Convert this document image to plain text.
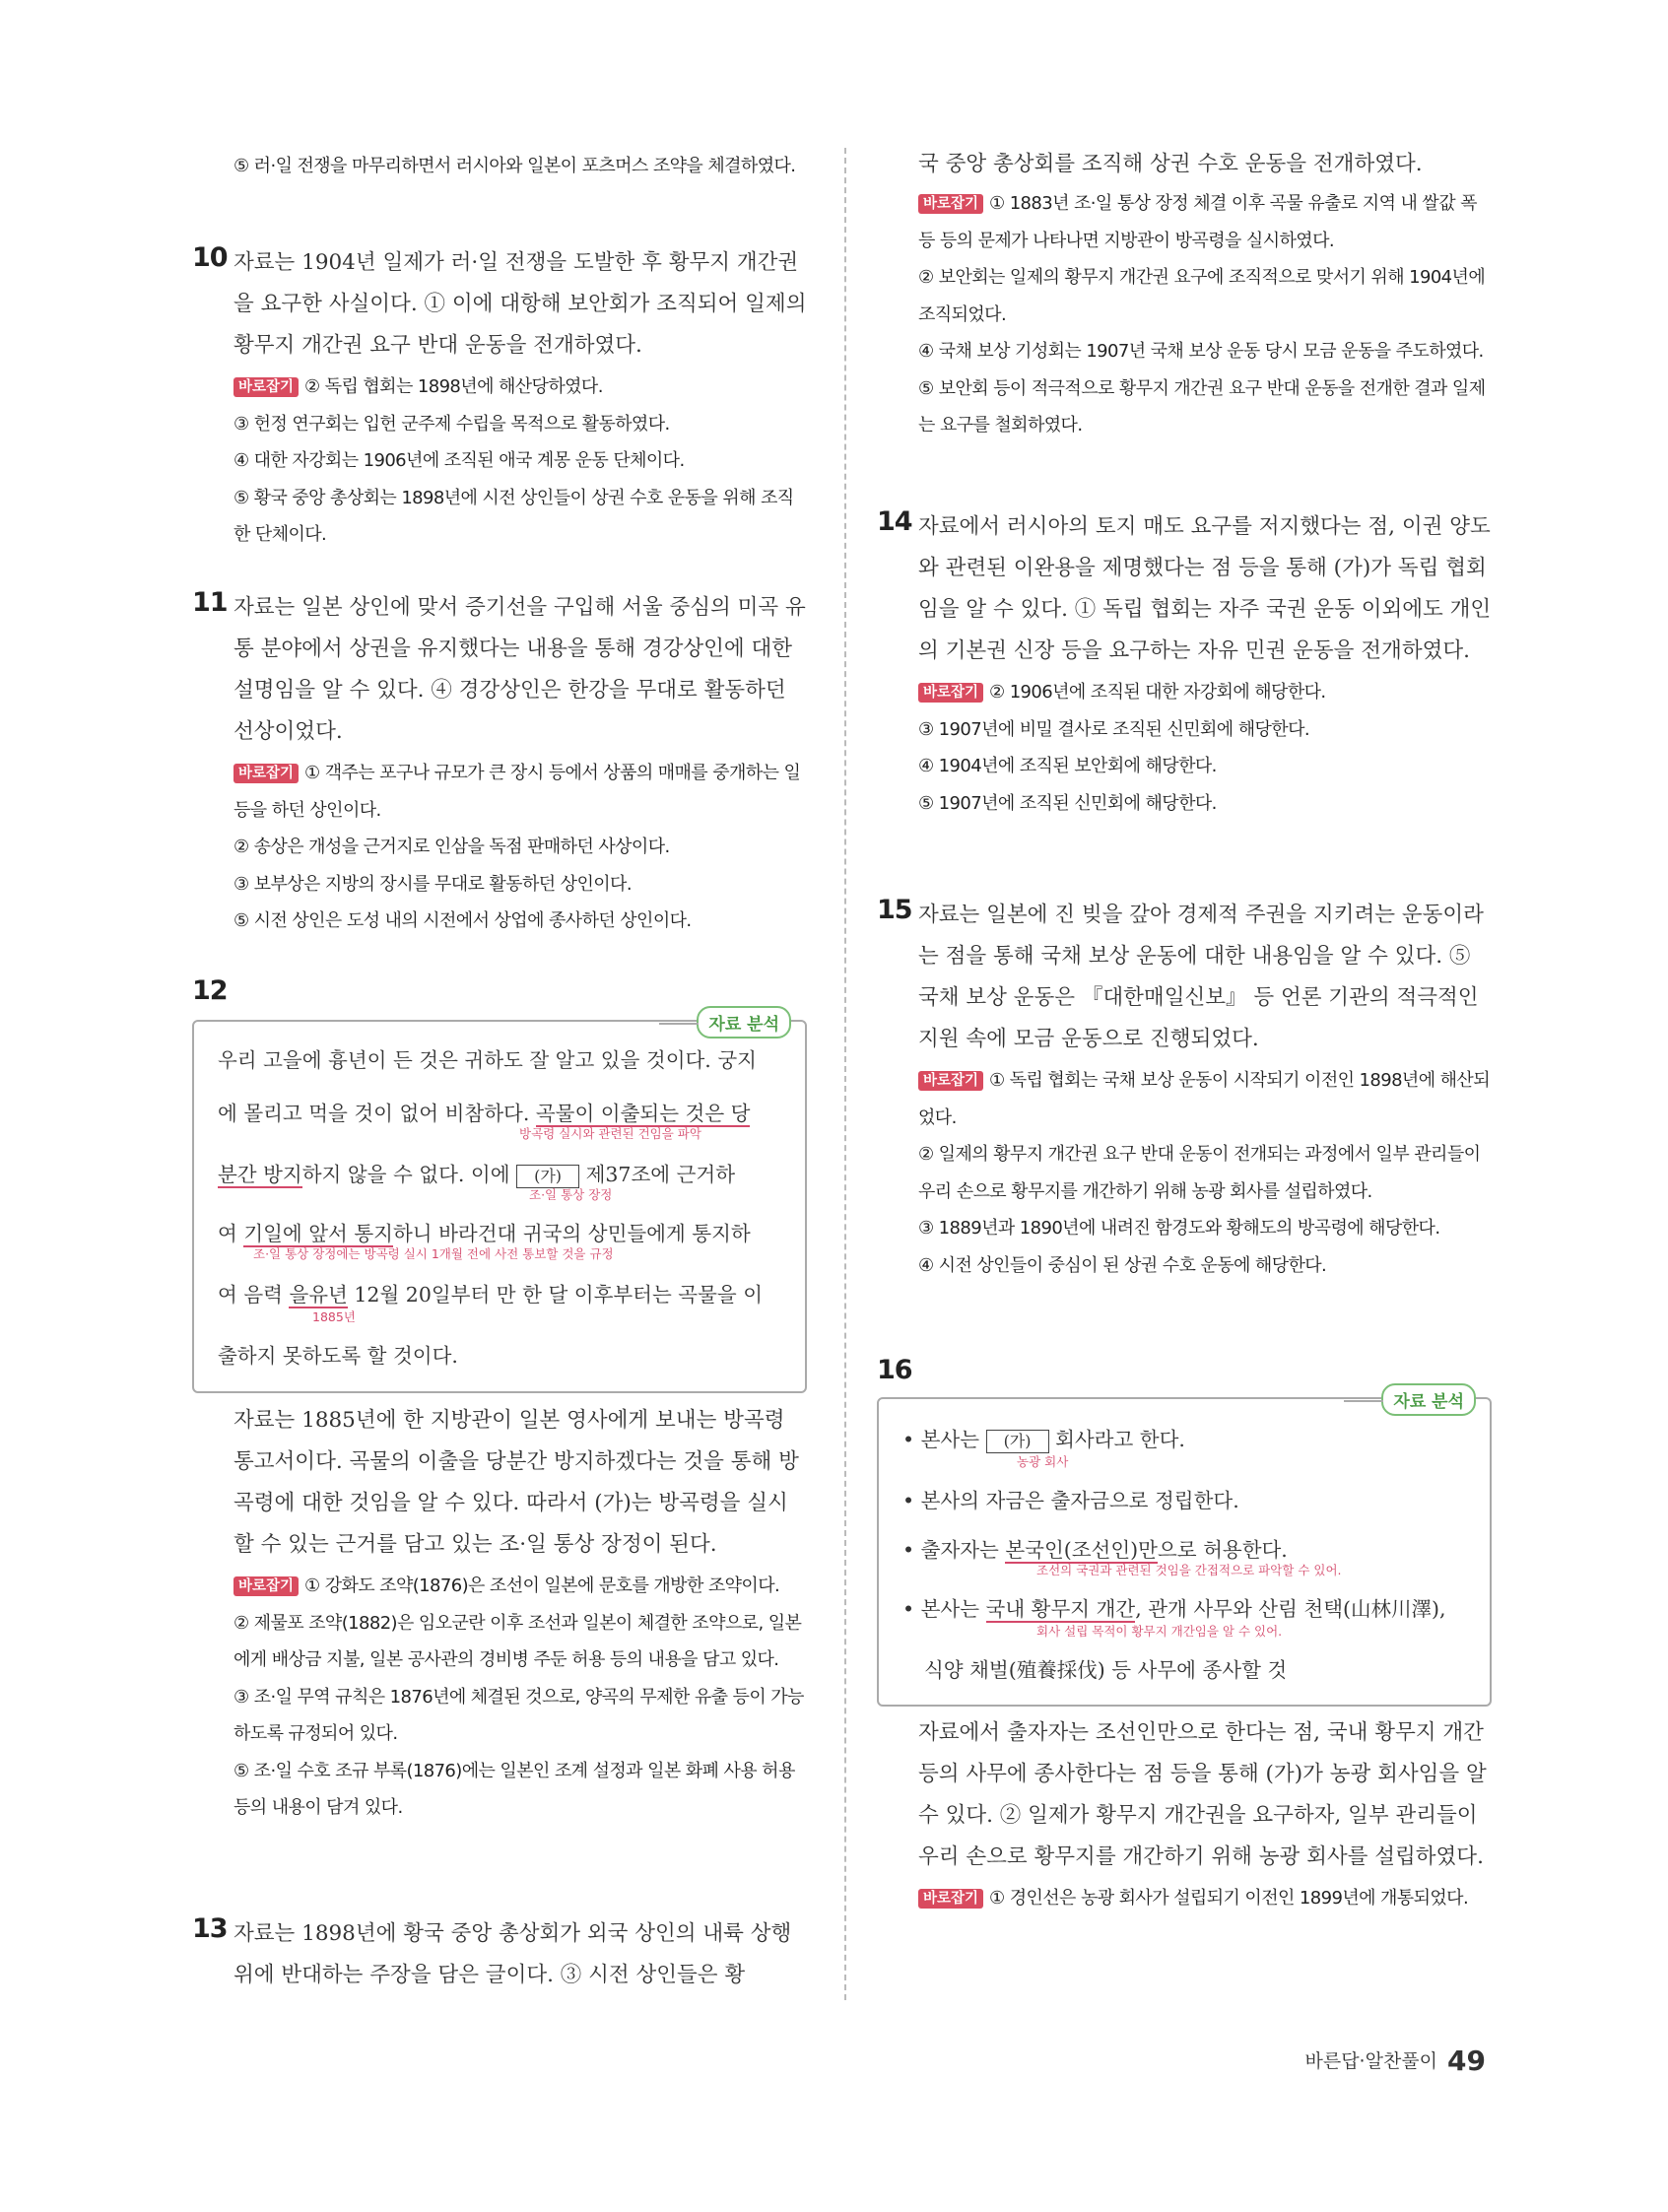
⑤ 러·일 전쟁을 마무리하면서 러시아와 일본이 포츠머스 조약을 체결하였다.

10 자료는 1904년 일제가 러·일 전쟁을 도발한 후 황무지 개간권을 요구한 사실이다. ① 이에 대항해 보안회가 조직되어 일제의 황무지 개간권 요구 반대 운동을 전개하였다.

바로잡기 ② 독립 협회는 1898년에 해산당하였다.

③ 헌정 연구회는 입헌 군주제 수립을 목적으로 활동하였다.

④ 대한 자강회는 1906년에 조직된 애국 계몽 운동 단체이다.

⑤ 황국 중앙 총상회는 1898년에 시전 상인들이 상권 수호 운동을 위해 조직한 단체이다.

11 자료는 일본 상인에 맞서 증기선을 구입해 서울 중심의 미곡 유통 분야에서 상권을 유지했다는 내용을 통해 경강상인에 대한 설명임을 알 수 있다. ④ 경강상인은 한강을 무대로 활동하던 선상이었다.

바로잡기 ① 객주는 포구나 규모가 큰 장시 등에서 상품의 매매를 중개하는 일 등을 하던 상인이다.

② 송상은 개성을 근거지로 인삼을 독점 판매하던 사상이다.

③ 보부상은 지방의 장시를 무대로 활동하던 상인이다.

⑤ 시전 상인은 도성 내의 시전에서 상업에 종사하던 상인이다.

12
자료 분석
우리 고을에 흉년이 든 것은 귀하도 잘 알고 있을 것이다. 궁지
에 몰리고 먹을 것이 없어 비참하다. 곡물이 이출되는 것은 당
방곡령 실시와 관련된 건임을 파악
분간 방지하지 않을 수 없다. 이에 (가) 제37조에 근거하
조·일 통상 장정
여 기일에 앞서 통지하니 바라건대 귀국의 상민들에게 통지하
조·일 통상 장정에는 방곡령 실시 1개월 전에 사전 통보할 것을 규정
여 음력 을유년 12월 20일부터 만 한 달 이후부터는 곡물을 이
1885년
출하지 못하도록 할 것이다.

자료는 1885년에 한 지방관이 일본 영사에게 보내는 방곡령 통고서이다. 곡물의 이출을 당분간 방지하겠다는 것을 통해 방곡령에 대한 것임을 알 수 있다. 따라서 (가)는 방곡령을 실시할 수 있는 근거를 담고 있는 조·일 통상 장정이 된다.

바로잡기 ① 강화도 조약(1876)은 조선이 일본에 문호를 개방한 조약이다.

② 제물포 조약(1882)은 임오군란 이후 조선과 일본이 체결한 조약으로, 일본에게 배상금 지불, 일본 공사관의 경비병 주둔 허용 등의 내용을 담고 있다.

③ 조·일 무역 규칙은 1876년에 체결된 것으로, 양곡의 무제한 유출 등이 가능하도록 규정되어 있다.

⑤ 조·일 수호 조규 부록(1876)에는 일본인 조계 설정과 일본 화폐 사용 허용 등의 내용이 담겨 있다.

13 자료는 1898년에 황국 중앙 총상회가 외국 상인의 내륙 상행위에 반대하는 주장을 담은 글이다. ③ 시전 상인들은 황

국 중앙 총상회를 조직해 상권 수호 운동을 전개하였다.

바로잡기 ① 1883년 조·일 통상 장정 체결 이후 곡물 유출로 지역 내 쌀값 폭등 등의 문제가 나타나면 지방관이 방곡령을 실시하였다.

② 보안회는 일제의 황무지 개간권 요구에 조직적으로 맞서기 위해 1904년에 조직되었다.

④ 국채 보상 기성회는 1907년 국채 보상 운동 당시 모금 운동을 주도하였다.

⑤ 보안회 등이 적극적으로 황무지 개간권 요구 반대 운동을 전개한 결과 일제는 요구를 철회하였다.

14 자료에서 러시아의 토지 매도 요구를 저지했다는 점, 이권 양도와 관련된 이완용을 제명했다는 점 등을 통해 (가)가 독립 협회임을 알 수 있다. ① 독립 협회는 자주 국권 운동 이외에도 개인의 기본권 신장 등을 요구하는 자유 민권 운동을 전개하였다.

바로잡기 ② 1906년에 조직된 대한 자강회에 해당한다.

③ 1907년에 비밀 결사로 조직된 신민회에 해당한다.

④ 1904년에 조직된 보안회에 해당한다.

⑤ 1907년에 조직된 신민회에 해당한다.

15 자료는 일본에 진 빚을 갚아 경제적 주권을 지키려는 운동이라는 점을 통해 국채 보상 운동에 대한 내용임을 알 수 있다. ⑤ 국채 보상 운동은 『대한매일신보』 등 언론 기관의 적극적인 지원 속에 모금 운동으로 진행되었다.

바로잡기 ① 독립 협회는 국채 보상 운동이 시작되기 이전인 1898년에 해산되었다.

② 일제의 황무지 개간권 요구 반대 운동이 전개되는 과정에서 일부 관리들이 우리 손으로 황무지를 개간하기 위해 농광 회사를 설립하였다.

③ 1889년과 1890년에 내려진 함경도와 황해도의 방곡령에 해당한다.

④ 시전 상인들이 중심이 된 상권 수호 운동에 해당한다.

16
자료 분석
• 본사는 (가) 회사라고 한다.
농광 회사
• 본사의 자금은 출자금으로 정립한다.
• 출자자는 본국인(조선인)만으로 허용한다.
조선의 국권과 관련된 것임을 간접적으로 파악할 수 있어.
• 본사는 국내 황무지 개간, 관개 사무와 산림 천택(山林川澤),
회사 설립 목적이 황무지 개간임을 알 수 있어.
식양 채벌(殖養採伐) 등 사무에 종사할 것

자료에서 출자자는 조선인만으로 한다는 점, 국내 황무지 개간 등의 사무에 종사한다는 점 등을 통해 (가)가 농광 회사임을 알 수 있다. ② 일제가 황무지 개간권을 요구하자, 일부 관리들이 우리 손으로 황무지를 개간하기 위해 농광 회사를 설립하였다.

바로잡기 ① 경인선은 농광 회사가 설립되기 이전인 1899년에 개통되었다.

바른답·알찬풀이 49
